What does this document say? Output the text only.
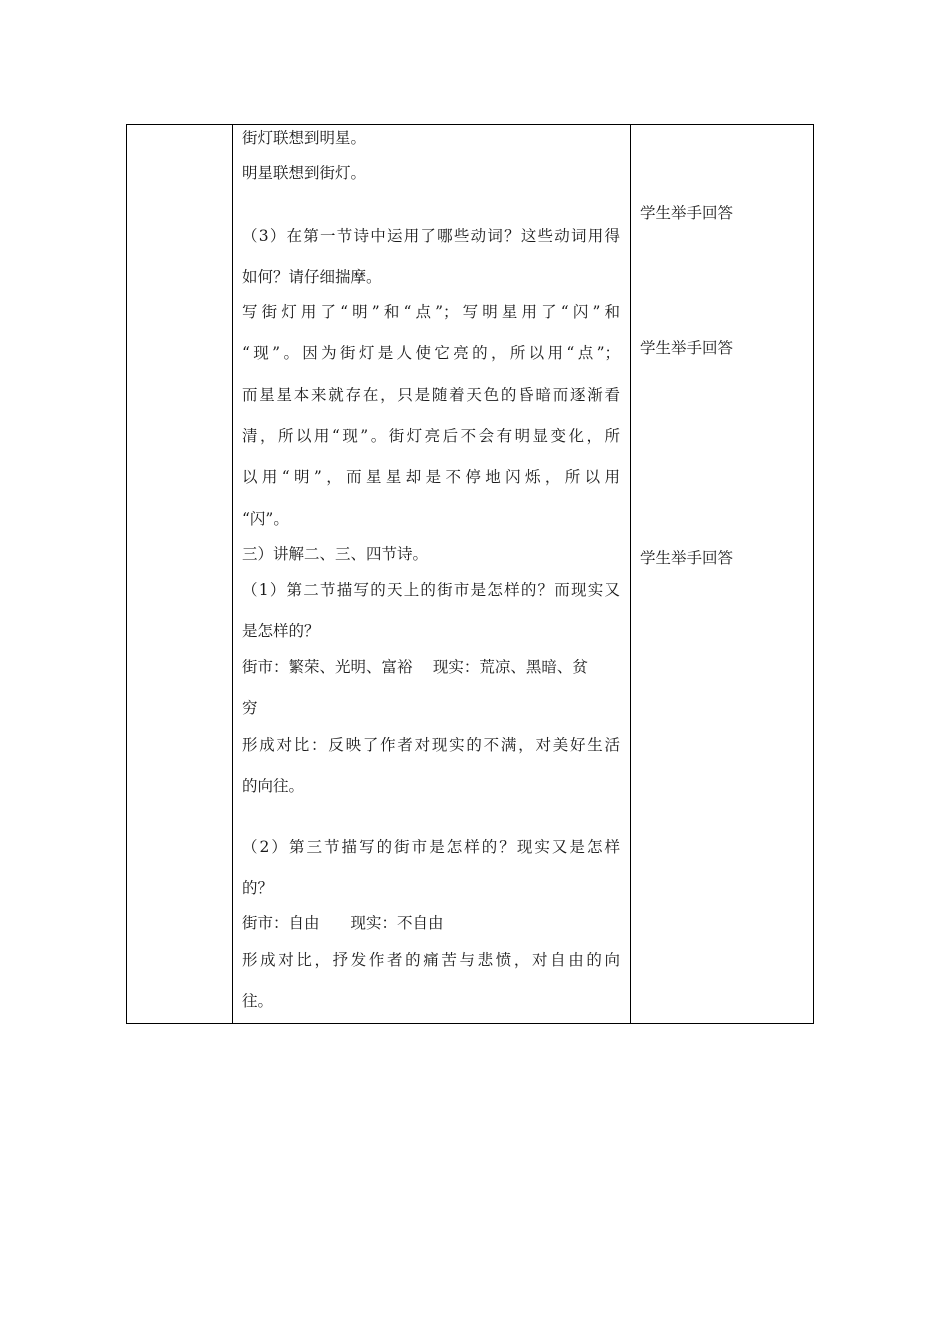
街灯联想到明星。
明星联想到街灯。
（3）在第一节诗中运用了哪些动词？这些动词用得
如何？请仔细揣摩。
写街灯用了“明”和“点”；写明星用了“闪”和
“现”。因为街灯是人使它亮的，所以用“点”；
而星星本来就存在，只是随着天色的昏暗而逐渐看
清，所以用“现”。街灯亮后不会有明显变化，所
以用“明”，而星星却是不停地闪烁，所以用
“闪”。
三）讲解二、三、四节诗。
（1）第二节描写的天上的街市是怎样的？而现实又
是怎样的？
街市：繁荣、光明、富裕　 现实：荒凉、黑暗、贫
穷
形成对比：反映了作者对现实的不满，对美好生活
的向往。
（2）第三节描写的街市是怎样的？现实又是怎样
的？
街市：自由　　现实：不自由
形成对比，抒发作者的痛苦与悲愤，对自由的向
往。
学生举手回答
学生举手回答
学生举手回答
